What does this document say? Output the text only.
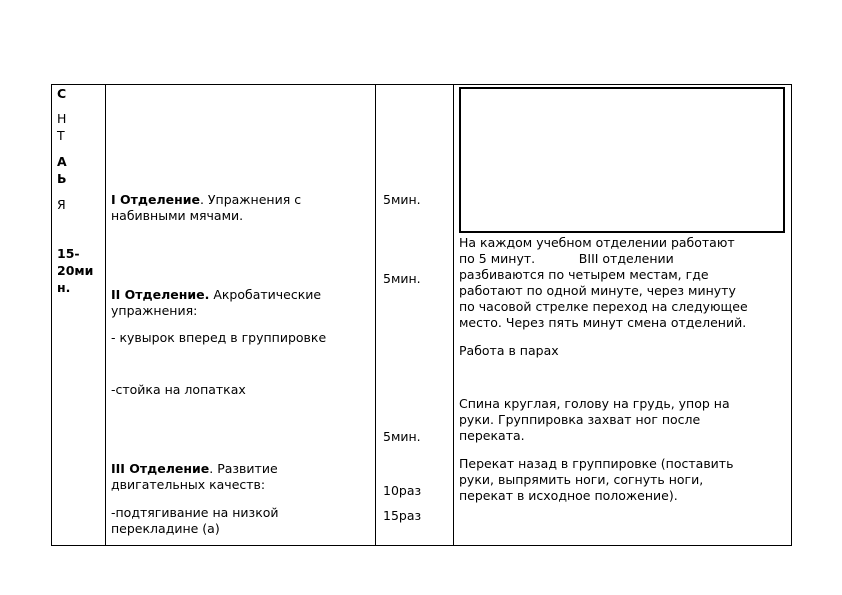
С
Н
Т
А
Ь
Я
15-
20ми
н.
I Отделение. Упражнения с
набивными мячами.
II Отделение. Акробатические
упражнения:
- кувырок вперед в группировке
-стойка на лопатках
III Отделение. Развитие
двигательных качеств:
-подтягивание на низкой
перекладине (а)
5мин.
5мин.
5мин.
10раз
15раз
На каждом учебном отделении работают
по 5 минут.           ВIII отделении
разбиваются по четырем местам, где
работают по одной минуте, через минуту
по часовой стрелке переход на следующее
место. Через пять минут смена отделений.
Работа в парах
Спина круглая, голову на грудь, упор на
руки. Группировка захват ног после
переката.
Перекат назад в группировке (поставить
руки, выпрямить ноги, согнуть ноги,
перекат в исходное положение).
